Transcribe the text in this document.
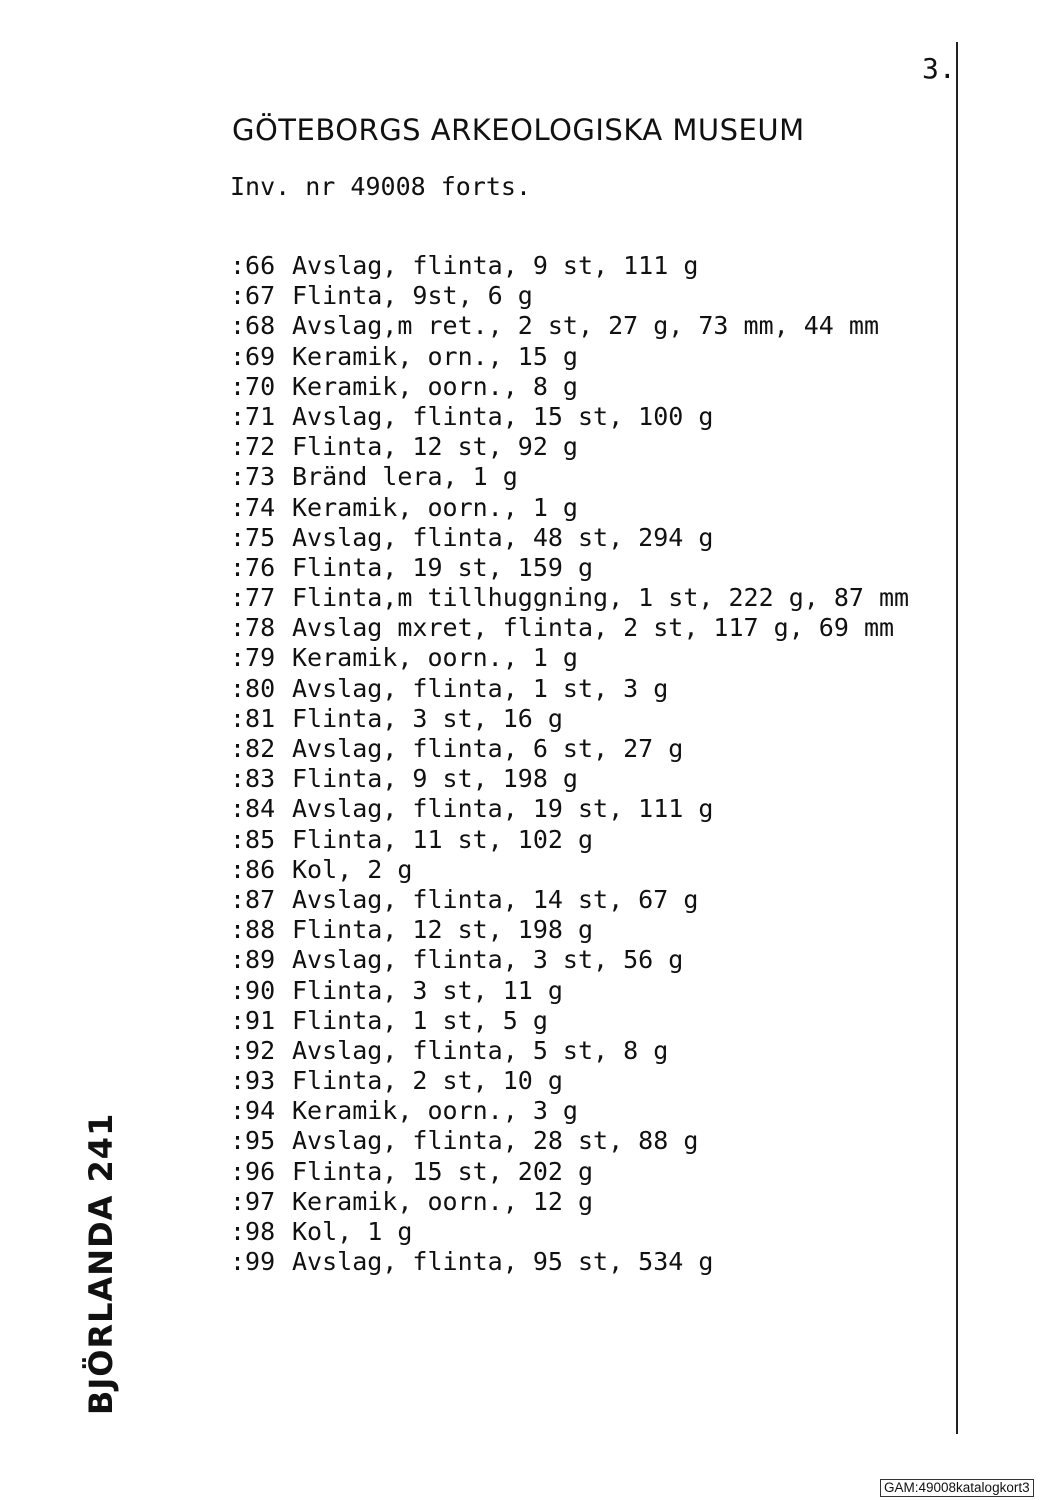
3.
GÖTEBORGS ARKEOLOGISKA MUSEUM
Inv. nr 49008 forts.
:66 Avslag, flinta, 9 st, 111 g
:67 Flinta, 9st, 6 g
:68 Avslag,m ret., 2 st, 27 g, 73 mm, 44 mm
:69 Keramik, orn., 15 g
:70 Keramik, oorn., 8 g
:71 Avslag, flinta, 15 st, 100 g
:72 Flinta, 12 st, 92 g
:73 Bränd lera, 1 g
:74 Keramik, oorn., 1 g
:75 Avslag, flinta, 48 st, 294 g
:76 Flinta, 19 st, 159 g
:77 Flinta,m tillhuggning, 1 st, 222 g, 87 mm
:78 Avslag mxret, flinta, 2 st, 117 g, 69 mm
:79 Keramik, oorn., 1 g
:80 Avslag, flinta, 1 st, 3 g
:81 Flinta, 3 st, 16 g
:82 Avslag, flinta, 6 st, 27 g
:83 Flinta, 9 st, 198 g
:84 Avslag, flinta, 19 st, 111 g
:85 Flinta, 11 st, 102 g
:86 Kol, 2 g
:87 Avslag, flinta, 14 st, 67 g
:88 Flinta, 12 st, 198 g
:89 Avslag, flinta, 3 st, 56 g
:90 Flinta, 3 st, 11 g
:91 Flinta, 1 st, 5 g
:92 Avslag, flinta, 5 st, 8 g
:93 Flinta, 2 st, 10 g
:94 Keramik, oorn., 3 g
:95 Avslag, flinta, 28 st, 88 g
:96 Flinta, 15 st, 202 g
:97 Keramik, oorn., 12 g
:98 Kol, 1 g
:99 Avslag, flinta, 95 st, 534 g
BJÖRLANDA 241
GAM:49008katalogkort3
